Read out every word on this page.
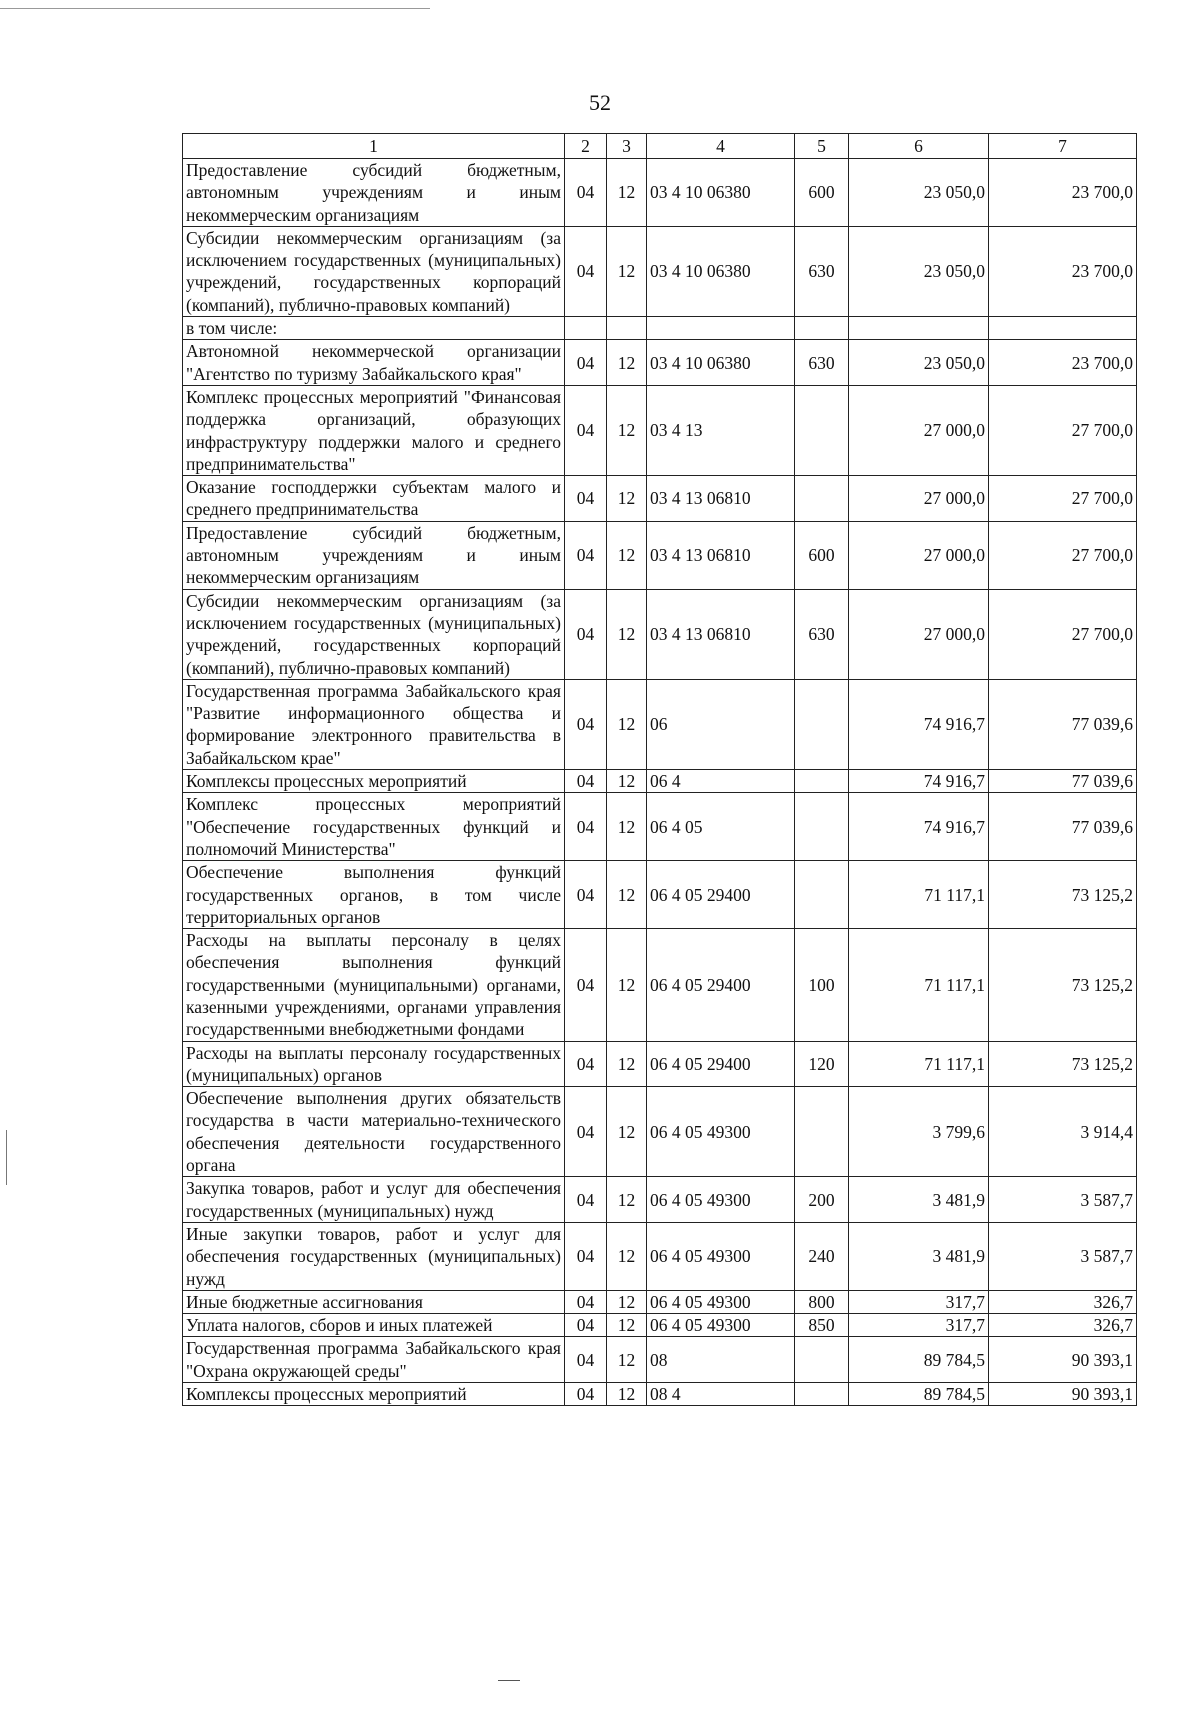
52
1	2	3	4	5	6	7
Предоставление субсидий бюджетным, автономным учреждениям и иным некоммерческим организациям	04	12	03 4 10 06380	600	23 050,0	23 700,0
Субсидии некоммерческим организациям (за исключением государственных (муниципальных) учреждений, государственных корпораций (компаний), публично-правовых компаний)	04	12	03 4 10 06380	630	23 050,0	23 700,0
в том числе:						
Автономной некоммерческой организации "Агентство по туризму Забайкальского края"	04	12	03 4 10 06380	630	23 050,0	23 700,0
Комплекс процессных мероприятий "Финансовая поддержка организаций, образующих инфраструктуру поддержки малого и среднего предпринимательства"	04	12	03 4 13		27 000,0	27 700,0
Оказание господдержки субъектам малого и среднего предпринимательства	04	12	03 4 13 06810		27 000,0	27 700,0
Предоставление субсидий бюджетным, автономным учреждениям и иным некоммерческим организациям	04	12	03 4 13 06810	600	27 000,0	27 700,0
Субсидии некоммерческим организациям (за исключением государственных (муниципальных) учреждений, государственных корпораций (компаний), публично-правовых компаний)	04	12	03 4 13 06810	630	27 000,0	27 700,0
Государственная программа Забайкальского края "Развитие информационного общества и формирование электронного правительства в Забайкальском крае"	04	12	06		74 916,7	77 039,6
Комплексы процессных мероприятий	04	12	06 4		74 916,7	77 039,6
Комплекс процессных мероприятий "Обеспечение государственных функций и полномочий Министерства"	04	12	06 4 05		74 916,7	77 039,6
Обеспечение выполнения функций государственных органов, в том числе территориальных органов	04	12	06 4 05 29400		71 117,1	73 125,2
Расходы на выплаты персоналу в целях обеспечения выполнения функций государственными (муниципальными) органами, казенными учреждениями, органами управления государственными внебюджетными фондами	04	12	06 4 05 29400	100	71 117,1	73 125,2
Расходы на выплаты персоналу государственных (муниципальных) органов	04	12	06 4 05 29400	120	71 117,1	73 125,2
Обеспечение выполнения других обязательств государства в части материально-технического обеспечения деятельности государственного органа	04	12	06 4 05 49300		3 799,6	3 914,4
Закупка товаров, работ и услуг для обеспечения государственных (муниципальных) нужд	04	12	06 4 05 49300	200	3 481,9	3 587,7
Иные закупки товаров, работ и услуг для обеспечения государственных (муниципальных) нужд	04	12	06 4 05 49300	240	3 481,9	3 587,7
Иные бюджетные ассигнования	04	12	06 4 05 49300	800	317,7	326,7
Уплата налогов, сборов и иных платежей	04	12	06 4 05 49300	850	317,7	326,7
Государственная программа Забайкальского края "Охрана окружающей среды"	04	12	08		89 784,5	90 393,1
Комплексы процессных мероприятий	04	12	08 4		89 784,5	90 393,1
